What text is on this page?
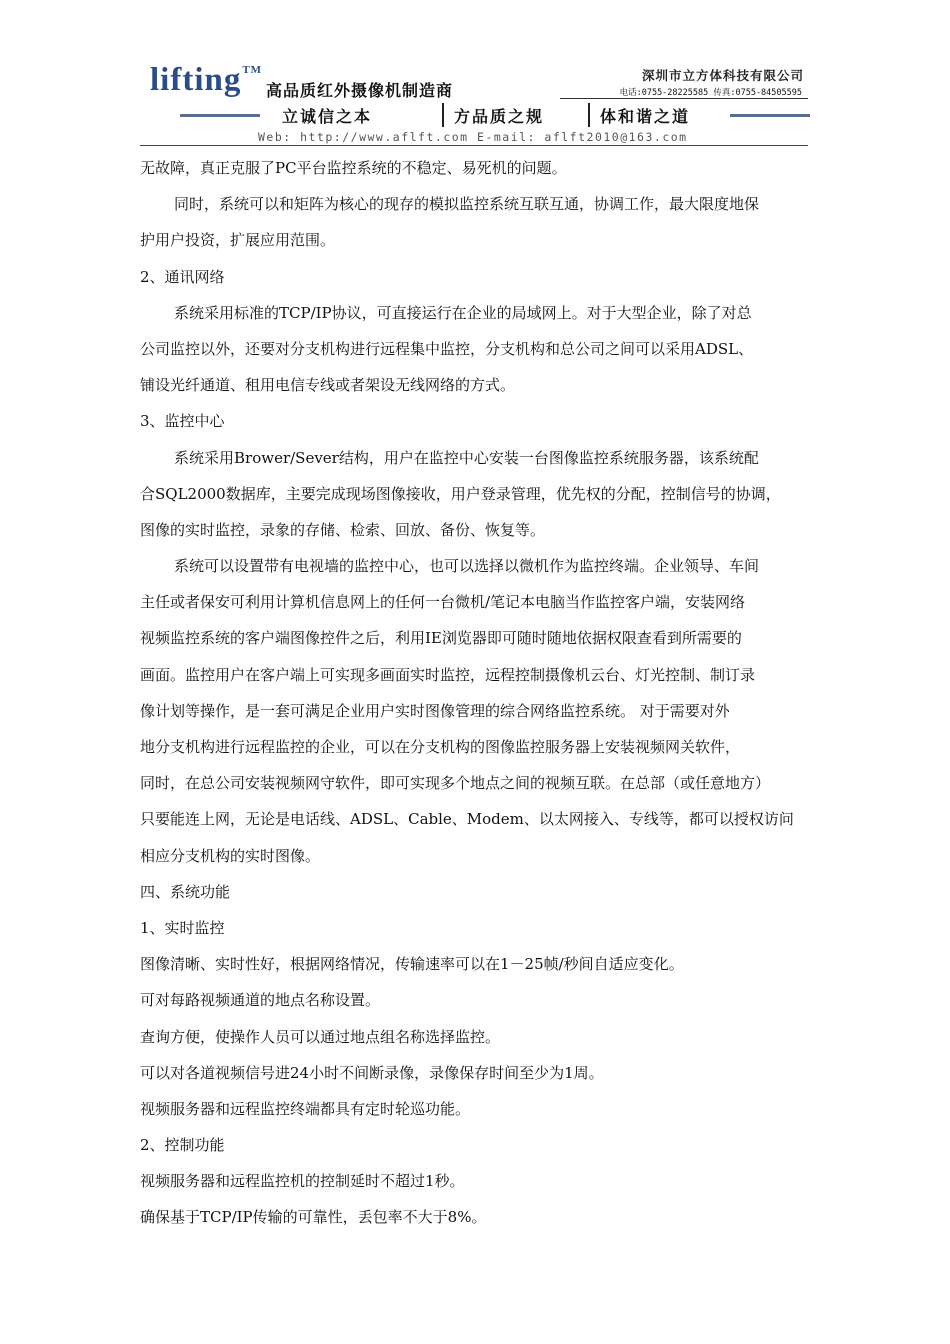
lifting™
高品质红外摄像机制造商
深圳市立方体科技有限公司
电话:0755-28225585 传真:0755-84505595
立诚信之本	方品质之规	体和谐之道
Web: http://www.aflft.com E-mail: aflft2010@163.com
无故障，真正克服了PC平台监控系统的不稳定、易死机的问题。
同时，系统可以和矩阵为核心的现存的模拟监控系统互联互通，协调工作，最大限度地保
护用户投资，扩展应用范围。
2、通讯网络
系统采用标准的TCP/IP协议，可直接运行在企业的局域网上。对于大型企业，除了对总
公司监控以外，还要对分支机构进行远程集中监控，分支机构和总公司之间可以采用ADSL、
铺设光纤通道、租用电信专线或者架设无线网络的方式。
3、监控中心
系统采用Brower/Sever结构，用户在监控中心安装一台图像监控系统服务器，该系统配
合SQL2000数据库，主要完成现场图像接收，用户登录管理，优先权的分配，控制信号的协调，
图像的实时监控，录象的存储、检索、回放、备份、恢复等。
系统可以设置带有电视墙的监控中心，也可以选择以微机作为监控终端。企业领导、车间
主任或者保安可利用计算机信息网上的任何一台微机/笔记本电脑当作监控客户端，安装网络
视频监控系统的客户端图像控件之后，利用IE浏览器即可随时随地依据权限查看到所需要的
画面。监控用户在客户端上可实现多画面实时监控，远程控制摄像机云台、灯光控制、制订录
像计划等操作，是一套可满足企业用户实时图像管理的综合网络监控系统。 对于需要对外
地分支机构进行远程监控的企业，可以在分支机构的图像监控服务器上安装视频网关软件，
同时，在总公司安装视频网守软件，即可实现多个地点之间的视频互联。在总部（或任意地方）
只要能连上网，无论是电话线、ADSL、Cable、Modem、以太网接入、专线等，都可以授权访问
相应分支机构的实时图像。
四、系统功能
1、实时监控
图像清晰、实时性好，根据网络情况，传输速率可以在1－25帧/秒间自适应变化。
可对每路视频通道的地点名称设置。
查询方便，使操作人员可以通过地点组名称选择监控。
可以对各道视频信号进24小时不间断录像，录像保存时间至少为1周。
视频服务器和远程监控终端都具有定时轮巡功能。
2、控制功能
视频服务器和远程监控机的控制延时不超过1秒。
确保基于TCP/IP传输的可靠性，丢包率不大于8%。
